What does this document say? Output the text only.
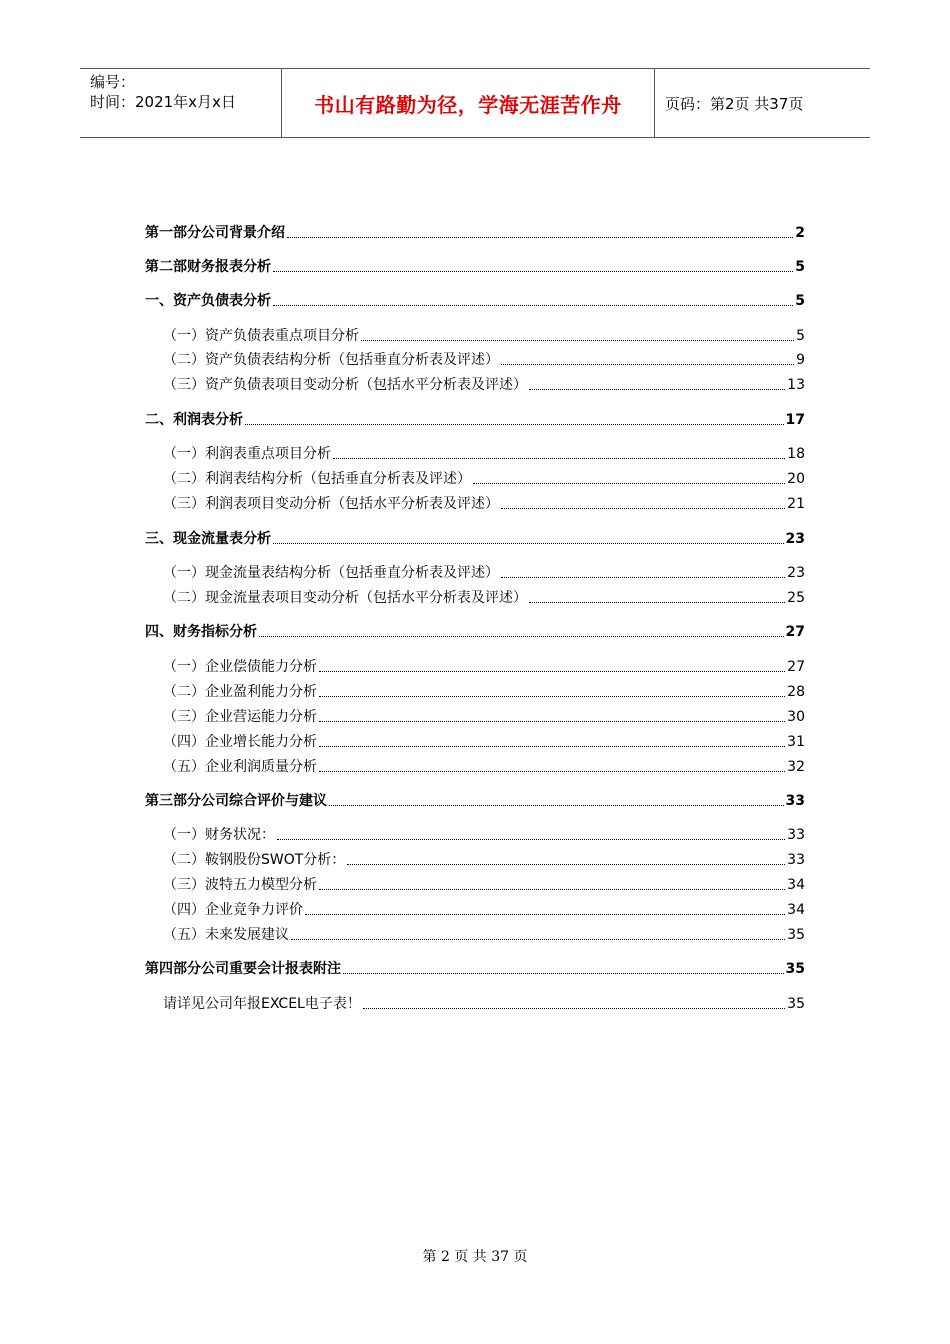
编号：
时间：2021年x月x日	书山有路勤为径，学海无涯苦作舟	页码：第2页 共37页
第一部分公司背景介绍	2
第二部财务报表分析	5
一、资产负债表分析	5
（一）资产负债表重点项目分析	5
（二）资产负债表结构分析（包括垂直分析表及评述）	9
（三）资产负债表项目变动分析（包括水平分析表及评述）	13
二、利润表分析	17
（一）利润表重点项目分析	18
（二）利润表结构分析（包括垂直分析表及评述）	20
（三）利润表项目变动分析（包括水平分析表及评述）	21
三、现金流量表分析	23
（一）现金流量表结构分析（包括垂直分析表及评述）	23
（二）现金流量表项目变动分析（包括水平分析表及评述）	25
四、财务指标分析	27
（一）企业偿债能力分析	27
（二）企业盈利能力分析	28
（三）企业营运能力分析	30
（四）企业增长能力分析	31
（五）企业利润质量分析	32
第三部分公司综合评价与建议	33
（一）财务状况：	33
（二）鞍钢股份SWOT分析：	33
（三）波特五力模型分析	34
（四）企业竞争力评价	34
（五）未来发展建议	35
第四部分公司重要会计报表附注	35
请详见公司年报EXCEL电子表！	35
第 2 页 共 37 页
